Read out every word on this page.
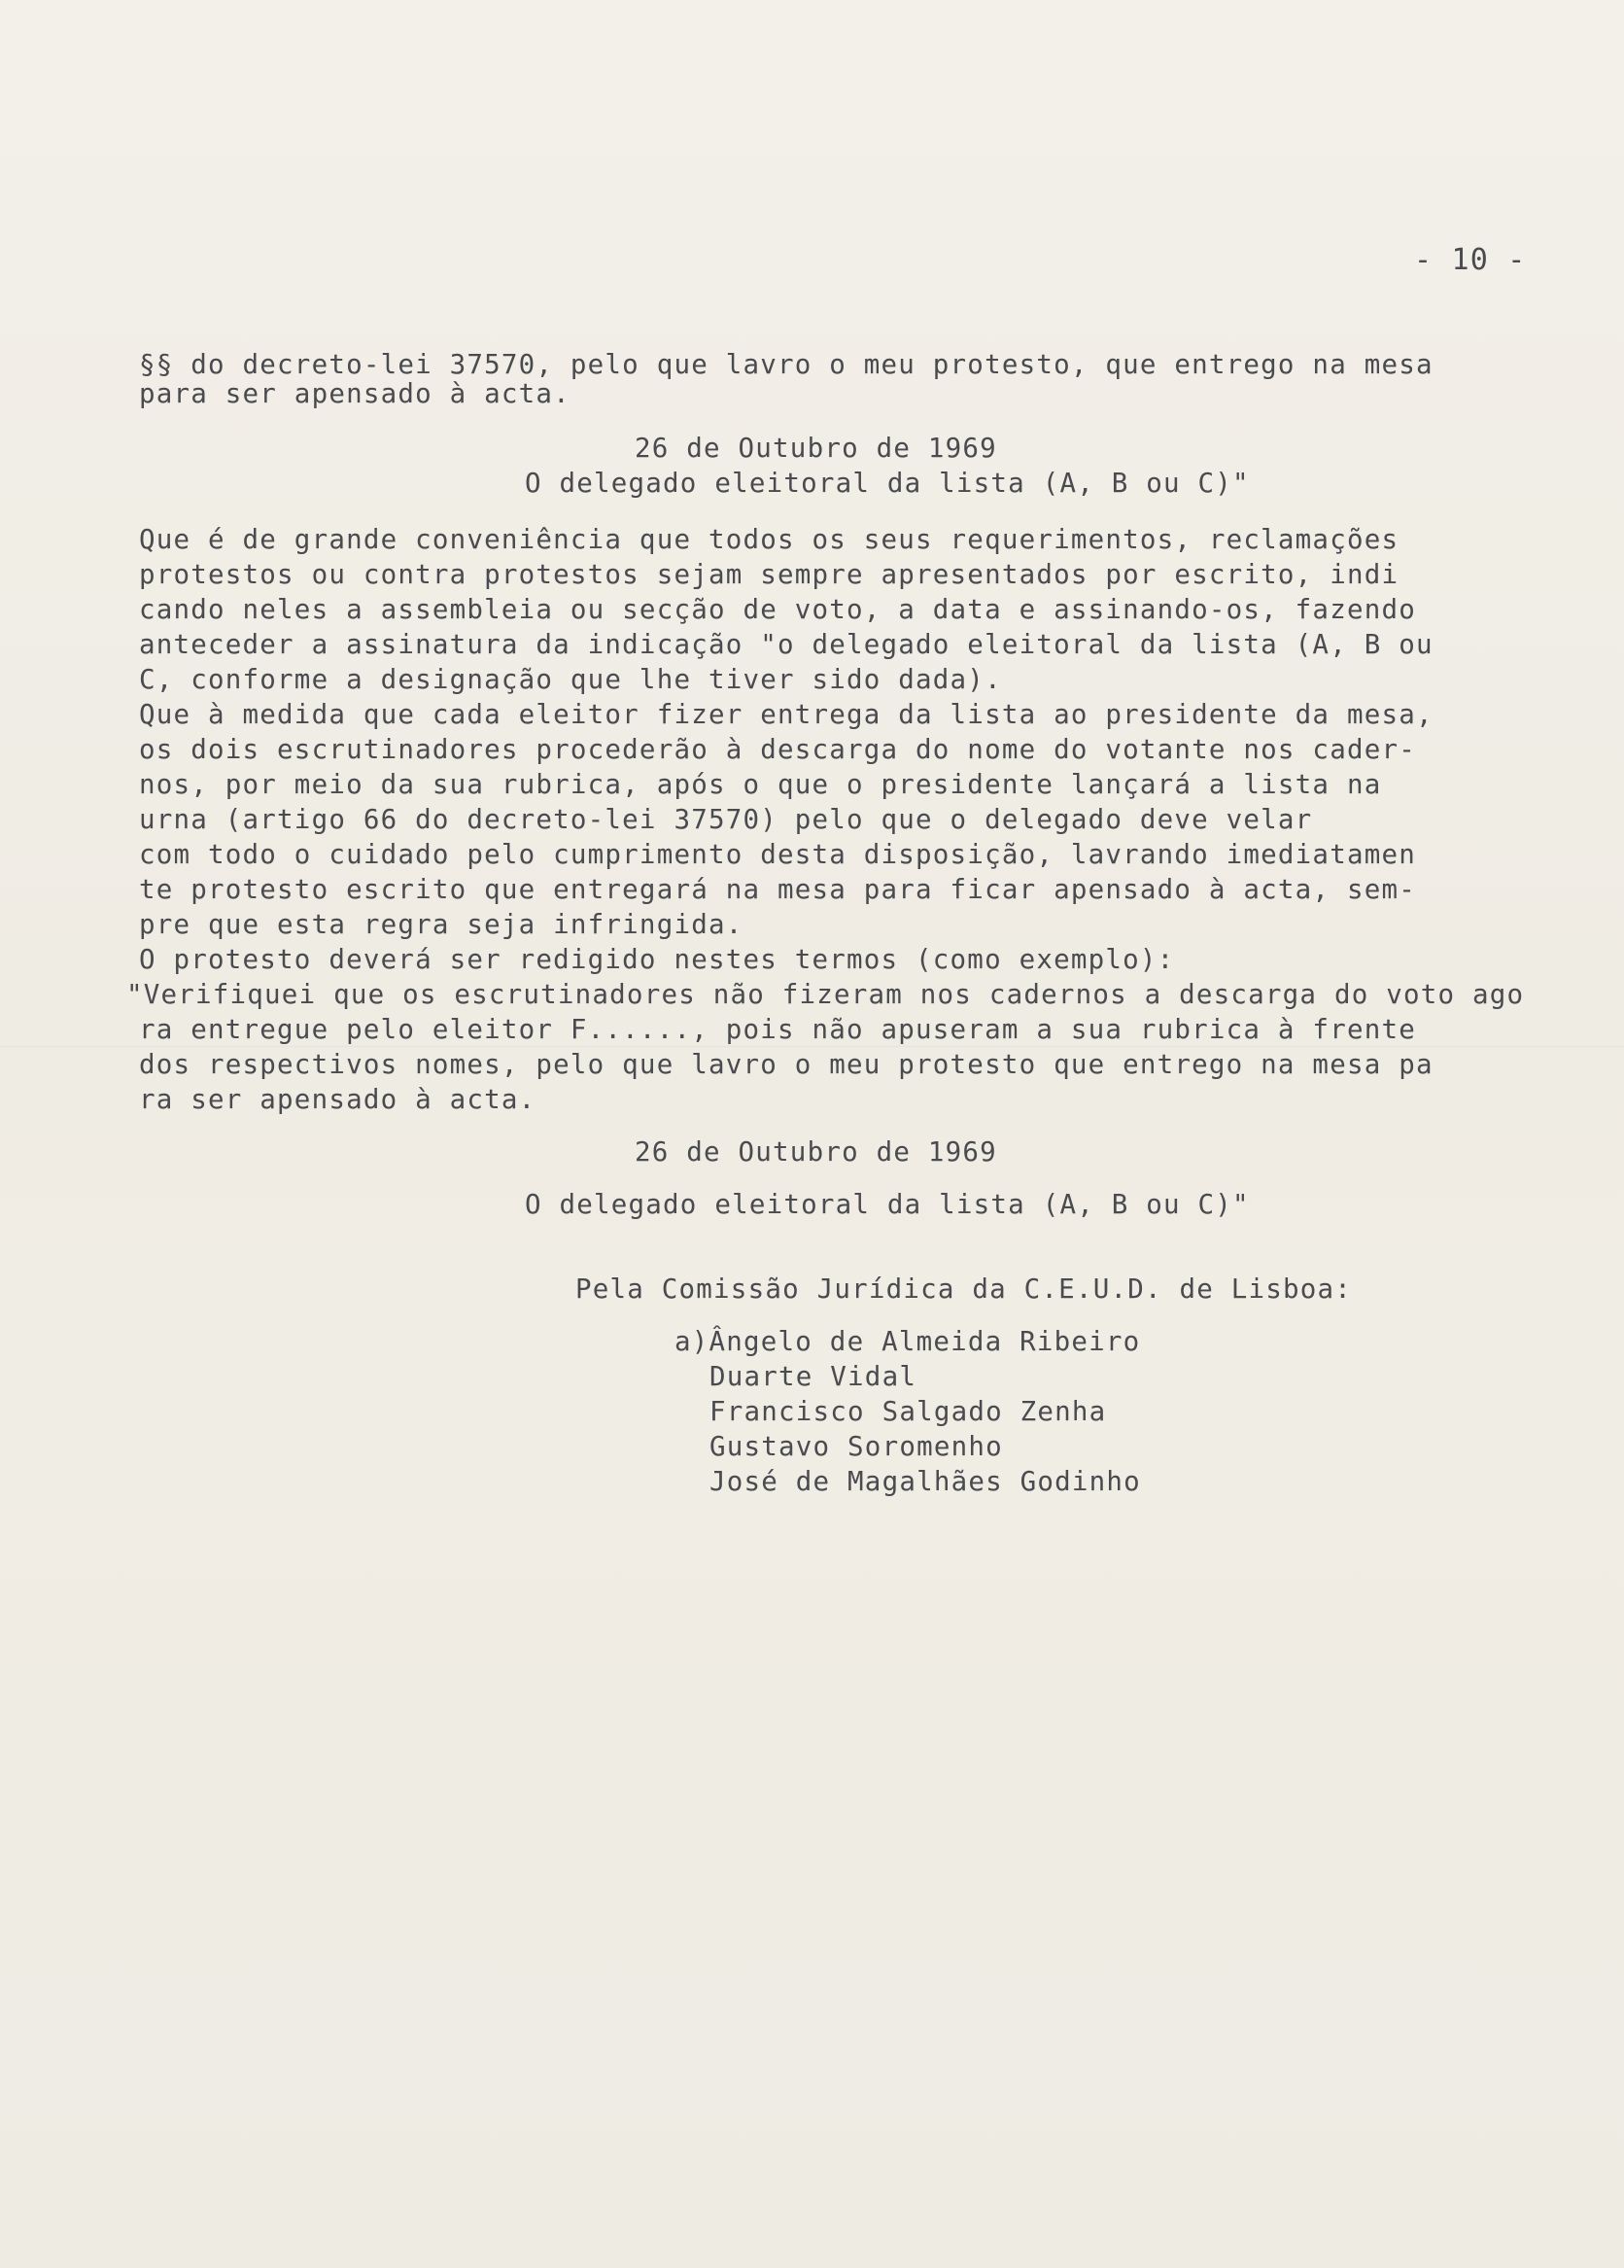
- 10 -
§§ do decreto-lei 37570, pelo que lavro o meu protesto, que entrego na mesa
para ser apensado à acta.
26 de Outubro de 1969
O delegado eleitoral da lista (A, B ou C)"
Que é de grande conveniência que todos os seus requerimentos, reclamações
protestos ou contra protestos sejam sempre apresentados por escrito, indi
cando neles a assembleia ou secção de voto, a data e assinando-os, fazendo
anteceder a assinatura da indicação "o delegado eleitoral da lista (A, B ou
C, conforme a designação que lhe tiver sido dada).
Que à medida que cada eleitor fizer entrega da lista ao presidente da mesa,
os dois escrutinadores procederão à descarga do nome do votante nos cader-
nos, por meio da sua rubrica, após o que o presidente lançará a lista na
urna (artigo 66 do decreto-lei 37570) pelo que o delegado deve velar
com todo o cuidado pelo cumprimento desta disposição, lavrando imediatamen
te protesto escrito que entregará na mesa para ficar apensado à acta, sem-
pre que esta regra seja infringida.
O protesto deverá ser redigido nestes termos (como exemplo):
"Verifiquei que os escrutinadores não fizeram nos cadernos a descarga do voto ago
ra entregue pelo eleitor F......, pois não apuseram a sua rubrica à frente
dos respectivos nomes, pelo que lavro o meu protesto que entrego na mesa pa
ra ser apensado à acta.
26 de Outubro de 1969
O delegado eleitoral da lista (A, B ou C)"
Pela Comissão Jurídica da C.E.U.D. de Lisboa:
a)Ângelo de Almeida Ribeiro
Duarte Vidal
Francisco Salgado Zenha
Gustavo Soromenho
José de Magalhães Godinho
